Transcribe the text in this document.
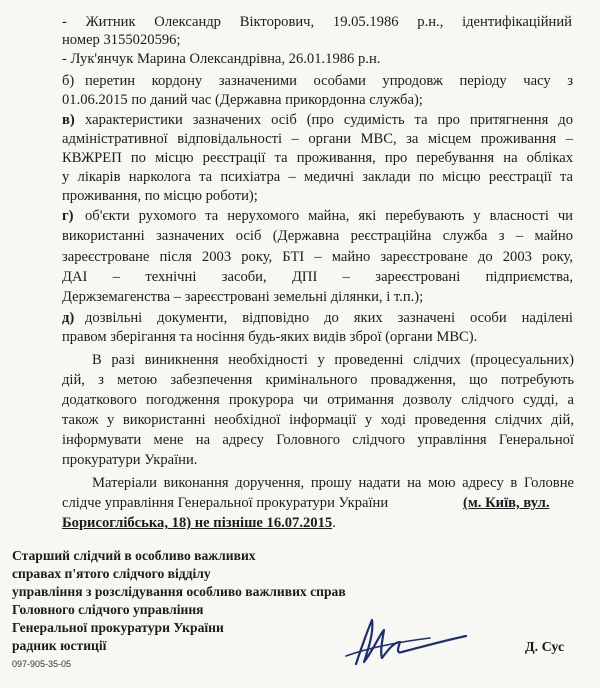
- Житник Олександр Вікторович, 19.05.1986 р.н., ідентифікаційний
номер 3155020596;
- Лук'янчук Марина Олександрівна, 26.01.1986 р.н.
б) перетин кордону зазначеними особами упродовж періоду часу з
01.06.2015 по даний час (Державна прикордонна служба);
в) характеристики зазначених осіб (про судимість та про притягнення до
адміністративної відповідальності – органи МВС, за місцем проживання –
КВЖРЕП по місцю реєстрації та проживання, про перебування на обліках
у лікарів нарколога та психіатра – медичні заклади по місцю реєстрації та
проживання, по місцю роботи);
г) об'єкти рухомого та нерухомого майна, які перебувають у власності чи
використанні зазначених осіб (Державна реєстраційна служба з – майно
зареєстроване після 2003 року, БТІ – майно зареєстроване до 2003 року,
ДАІ – технічні засоби, ДПІ – зареєстровані підприємства,
Держземагенства – зареєстровані земельні ділянки, і т.п.);
д) дозвільні документи, відповідно до яких зазначені особи наділені
правом зберігання та носіння будь-яких видів зброї (органи МВС).
В разі виникнення необхідності у проведенні слідчих (процесуальних)
дій, з метою забезпечення кримінального провадження, що потребують
додаткового погодження прокурора чи отримання дозволу слідчого судді, а
також у використанні необхідної інформації у ході проведення слідчих дій,
інформувати мене на адресу Головного слідчого управління Генеральної
прокуратури України.
Матеріали виконання доручення, прошу надати на мою адресу в Головне
слідче управління Генеральної прокуратури України	(м. Київ, вул.
Борисоглібська, 18) не пізніше 16.07.2015.
Старший слідчий в особливо важливих
справах п'ятого слідчого відділу
управління з розслідування особливо важливих справ
Головного слідчого управління
Генеральної прокуратури України
радник юстиції	Д. Сус
097-905-35-05
